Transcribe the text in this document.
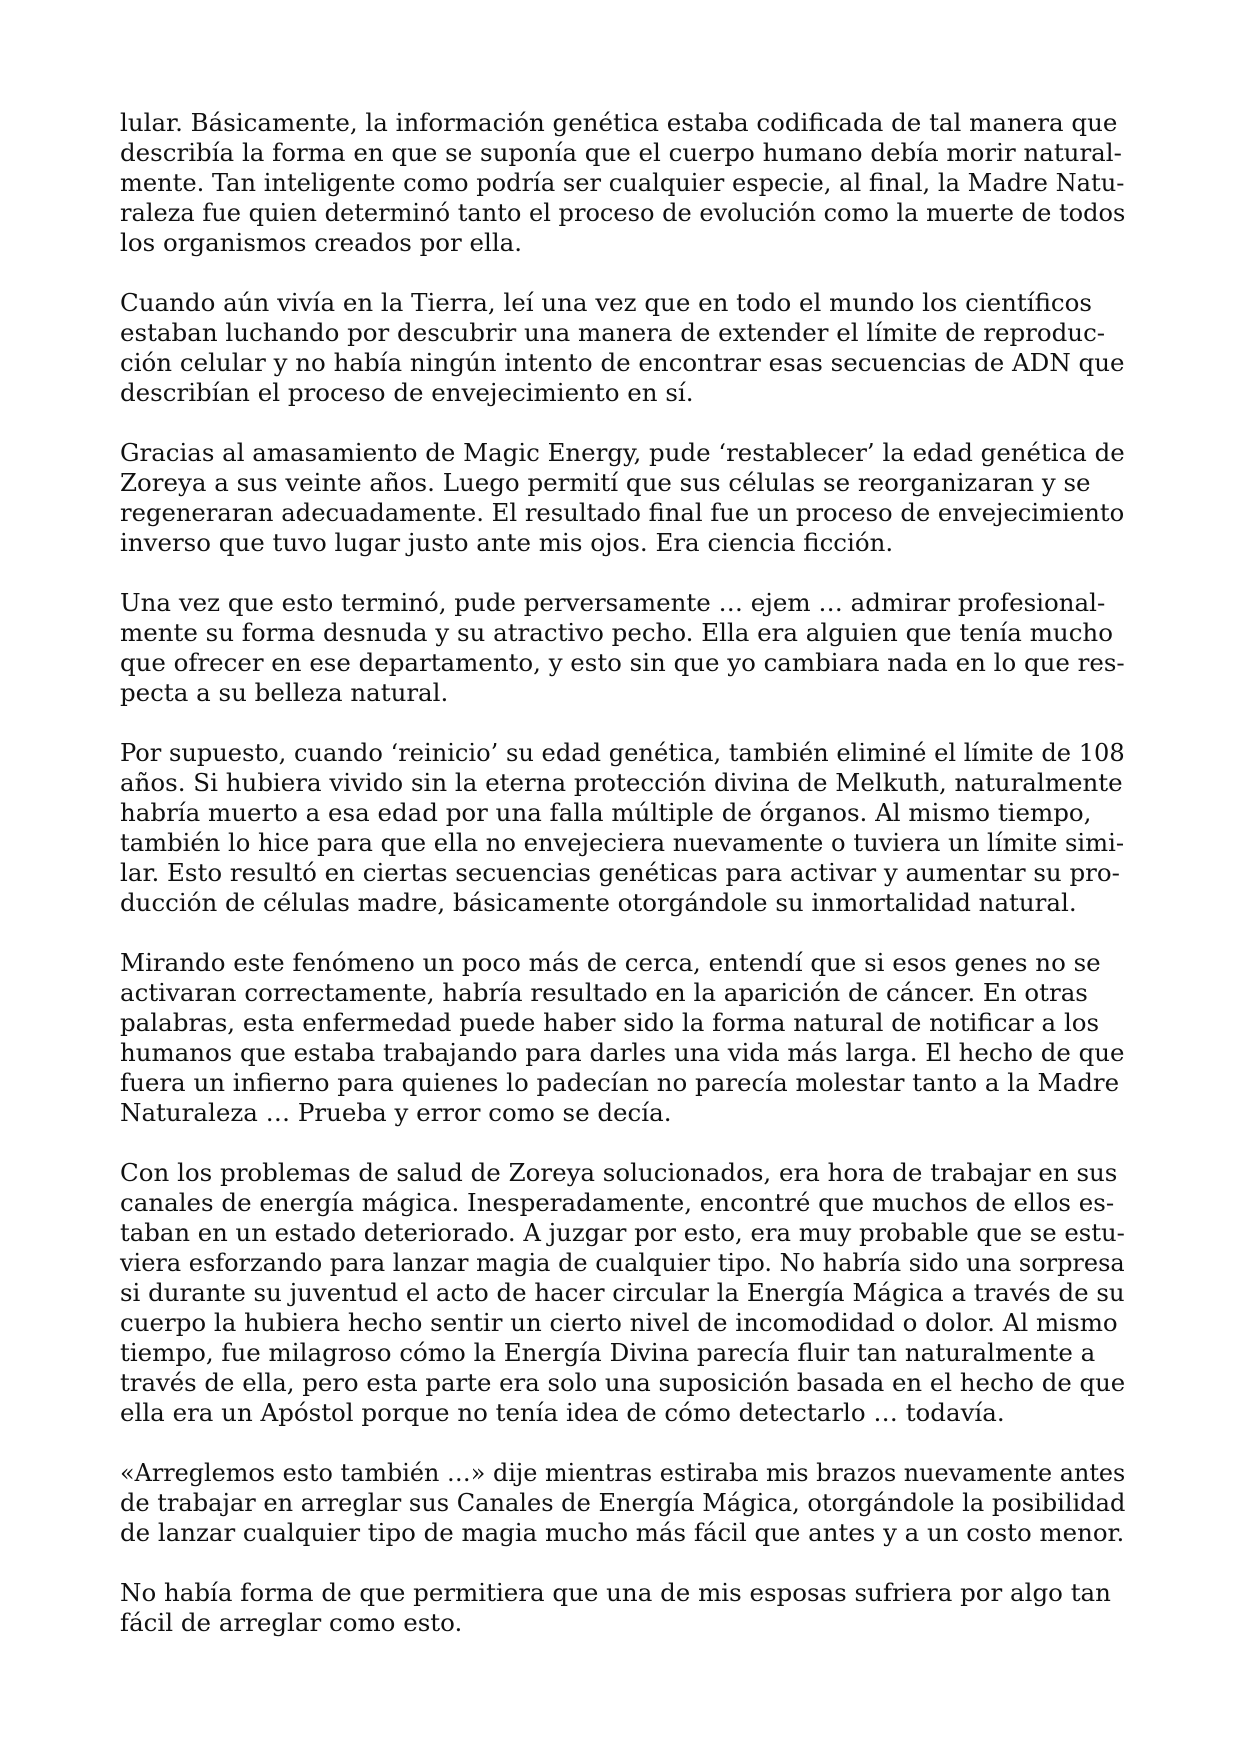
lular. Básicamente, la información genética estaba codificada de tal manera que
describía la forma en que se suponía que el cuerpo humano debía morir natural-
mente. Tan inteligente como podría ser cualquier especie, al final, la Madre Natu-
raleza fue quien determinó tanto el proceso de evolución como la muerte de todos
los organismos creados por ella.
Cuando aún vivía en la Tierra, leí una vez que en todo el mundo los científicos
estaban luchando por descubrir una manera de extender el límite de reproduc-
ción celular y no había ningún intento de encontrar esas secuencias de ADN que
describían el proceso de envejecimiento en sí.
Gracias al amasamiento de Magic Energy, pude ‘restablecer’ la edad genética de
Zoreya a sus veinte años. Luego permití que sus células se reorganizaran y se
regeneraran adecuadamente. El resultado final fue un proceso de envejecimiento
inverso que tuvo lugar justo ante mis ojos. Era ciencia ficción.
Una vez que esto terminó, pude perversamente … ejem … admirar profesional-
mente su forma desnuda y su atractivo pecho. Ella era alguien que tenía mucho
que ofrecer en ese departamento, y esto sin que yo cambiara nada en lo que res-
pecta a su belleza natural.
Por supuesto, cuando ‘reinicio’ su edad genética, también eliminé el límite de 108
años. Si hubiera vivido sin la eterna protección divina de Melkuth, naturalmente
habría muerto a esa edad por una falla múltiple de órganos. Al mismo tiempo,
también lo hice para que ella no envejeciera nuevamente o tuviera un límite simi-
lar. Esto resultó en ciertas secuencias genéticas para activar y aumentar su pro-
ducción de células madre, básicamente otorgándole su inmortalidad natural.
Mirando este fenómeno un poco más de cerca, entendí que si esos genes no se
activaran correctamente, habría resultado en la aparición de cáncer. En otras
palabras, esta enfermedad puede haber sido la forma natural de notificar a los
humanos que estaba trabajando para darles una vida más larga. El hecho de que
fuera un infierno para quienes lo padecían no parecía molestar tanto a la Madre
Naturaleza … Prueba y error como se decía.
Con los problemas de salud de Zoreya solucionados, era hora de trabajar en sus
canales de energía mágica. Inesperadamente, encontré que muchos de ellos es-
taban en un estado deteriorado. A juzgar por esto, era muy probable que se estu-
viera esforzando para lanzar magia de cualquier tipo. No habría sido una sorpresa
si durante su juventud el acto de hacer circular la Energía Mágica a través de su
cuerpo la hubiera hecho sentir un cierto nivel de incomodidad o dolor. Al mismo
tiempo, fue milagroso cómo la Energía Divina parecía fluir tan naturalmente a
través de ella, pero esta parte era solo una suposición basada en el hecho de que
ella era un Apóstol porque no tenía idea de cómo detectarlo … todavía.
«Arreglemos esto también …» dije mientras estiraba mis brazos nuevamente antes
de trabajar en arreglar sus Canales de Energía Mágica, otorgándole la posibilidad
de lanzar cualquier tipo de magia mucho más fácil que antes y a un costo menor.
No había forma de que permitiera que una de mis esposas sufriera por algo tan
fácil de arreglar como esto.
